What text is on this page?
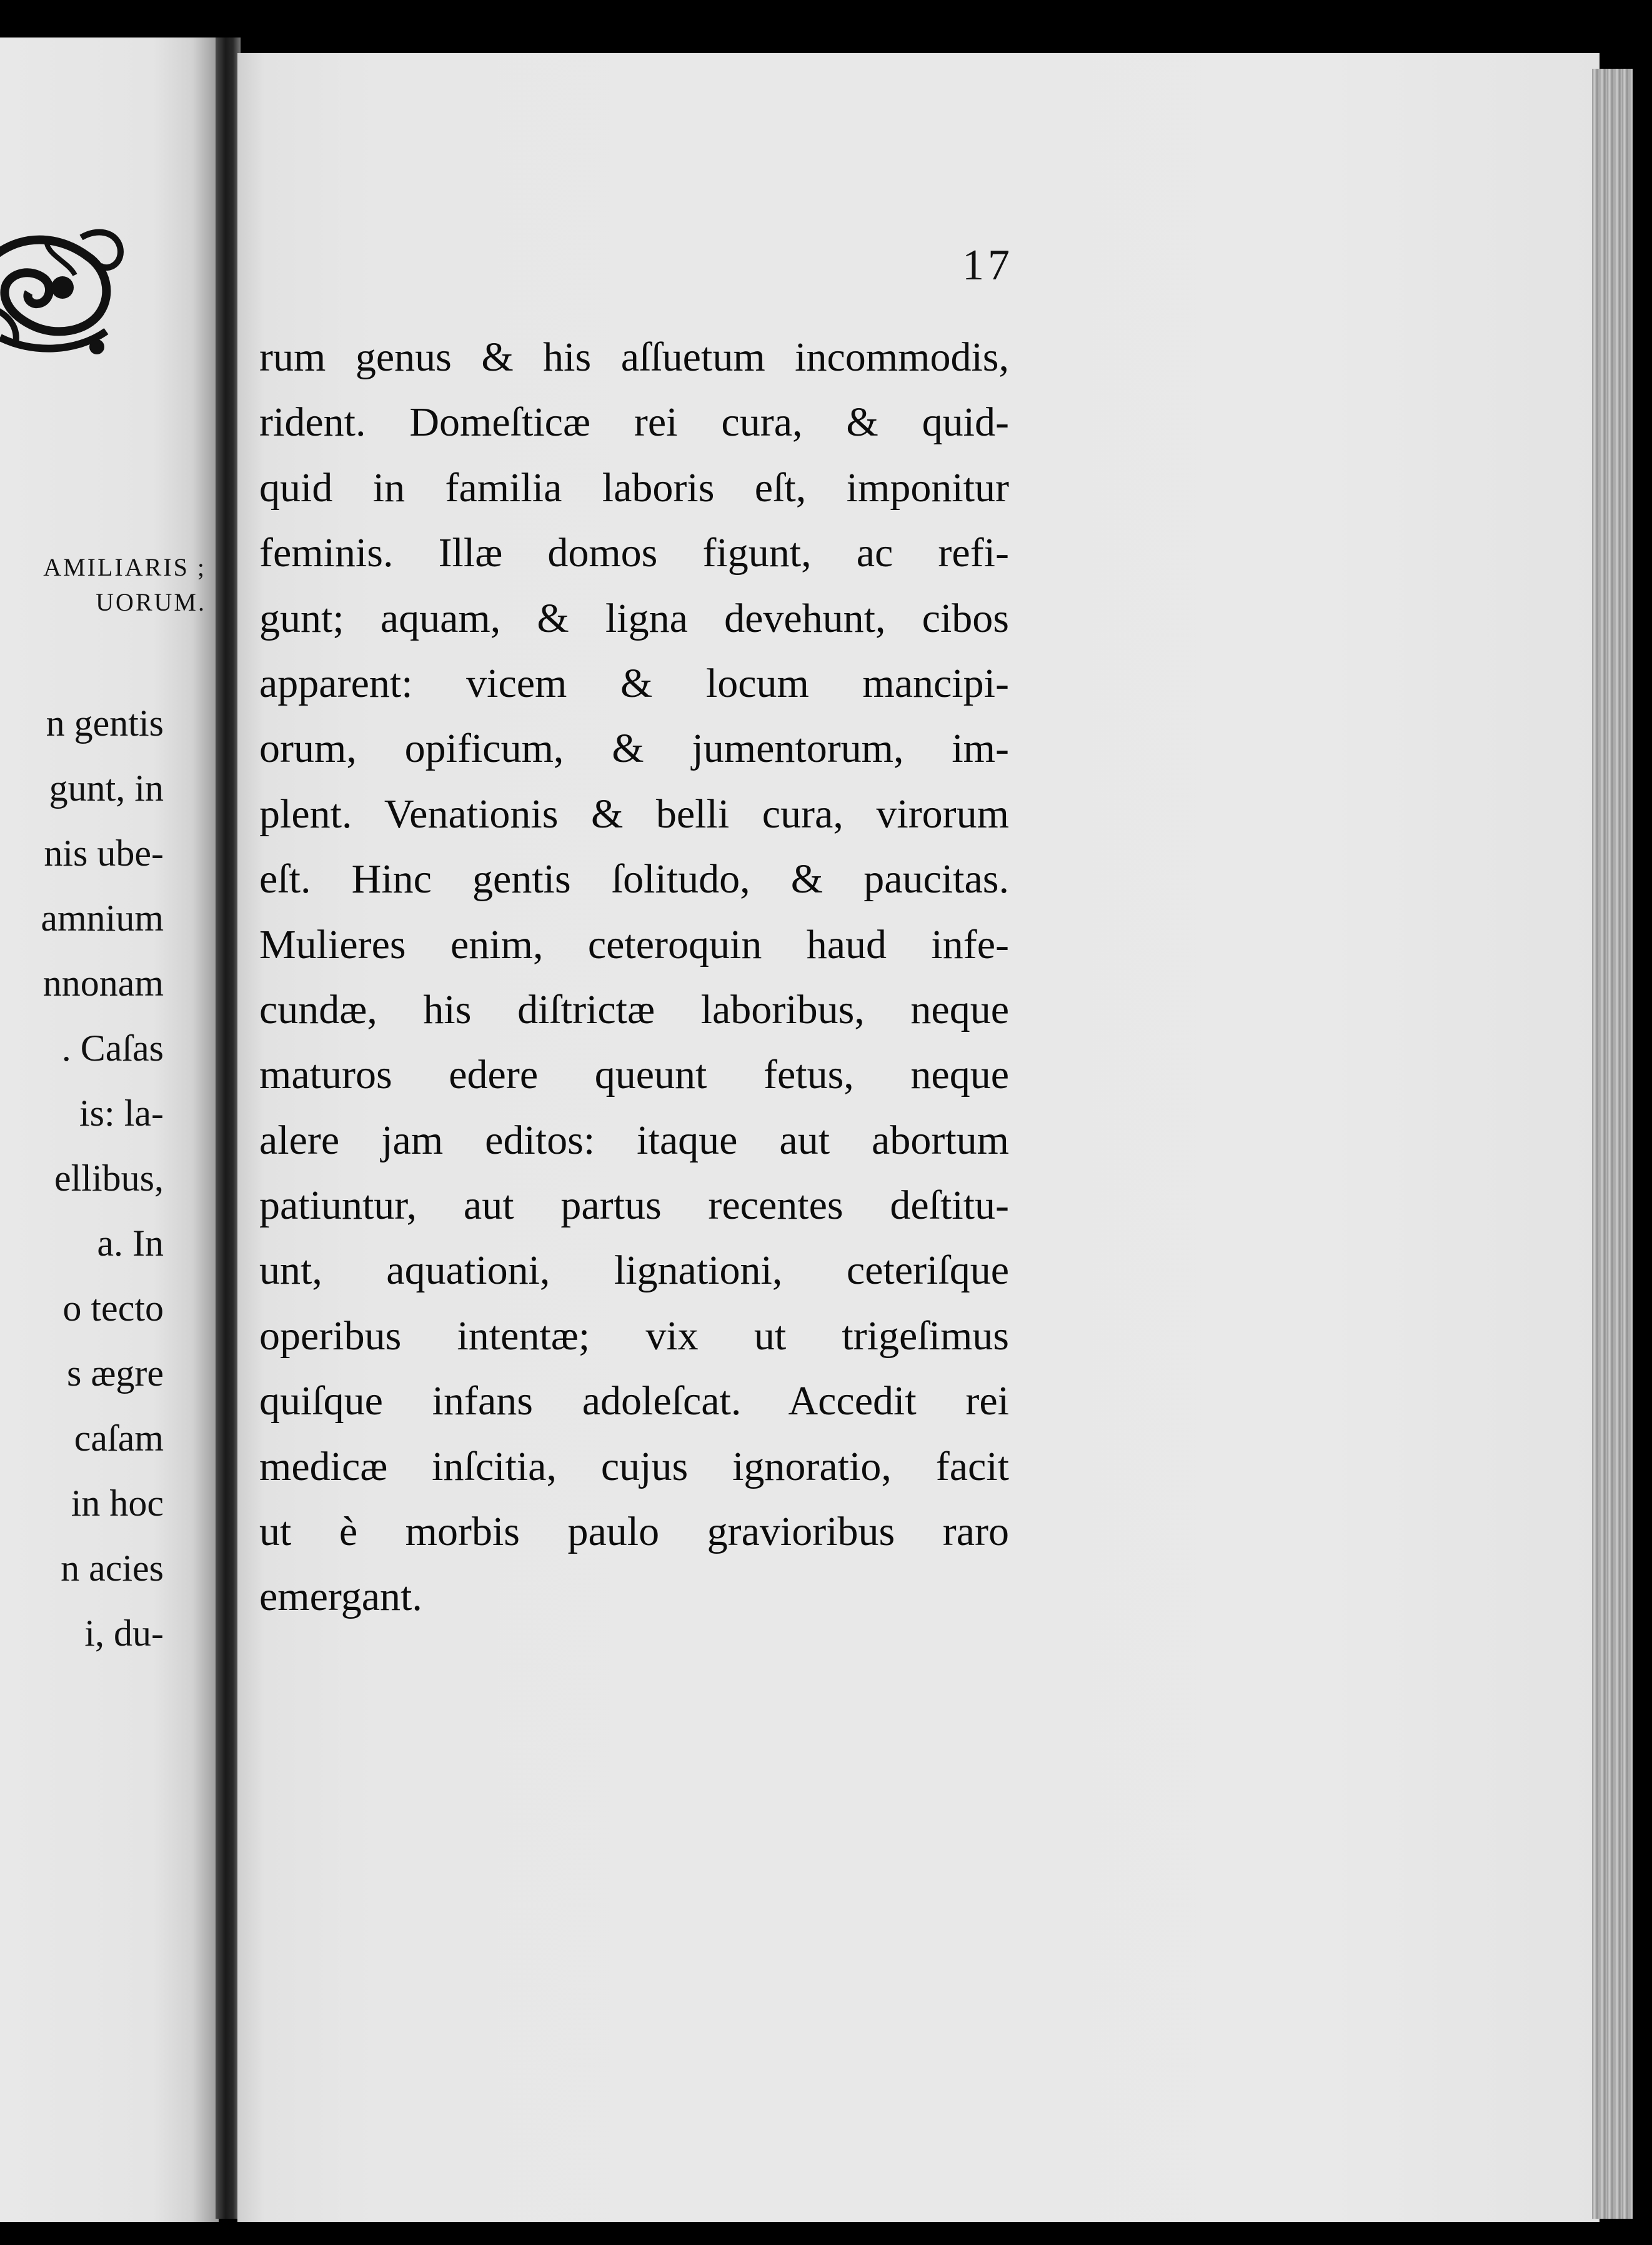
AMILIARIS ;
UORUM.
n gentis
gunt, in
nis ube-
amnium
nnonam
. Caſas
is: la-
ellibus,
a. In
o tecto
s ægre
caſam
in hoc
n acies
i, du-
17
rum genus & his aſſuetum incommodis,
rident. Domeſticæ rei cura, & quid-
quid in familia laboris eſt, imponitur
feminis. Illæ domos figunt, ac refi-
gunt; aquam, & ligna devehunt, cibos
apparent: vicem & locum mancipi-
orum, opificum, & jumentorum, im-
plent. Venationis & belli cura, virorum
eſt. Hinc gentis ſolitudo, & paucitas.
Mulieres enim, ceteroquin haud infe-
cundæ, his diſtrictæ laboribus, neque
maturos edere queunt fetus, neque
alere jam editos: itaque aut abortum
patiuntur, aut partus recentes deſtitu-
unt, aquationi, lignationi, ceteriſque
operibus intentæ; vix ut trigeſimus
quiſque infans adoleſcat. Accedit rei
medicæ inſcitia, cujus ignoratio, facit
ut è morbis paulo gravioribus raro
emergant.
